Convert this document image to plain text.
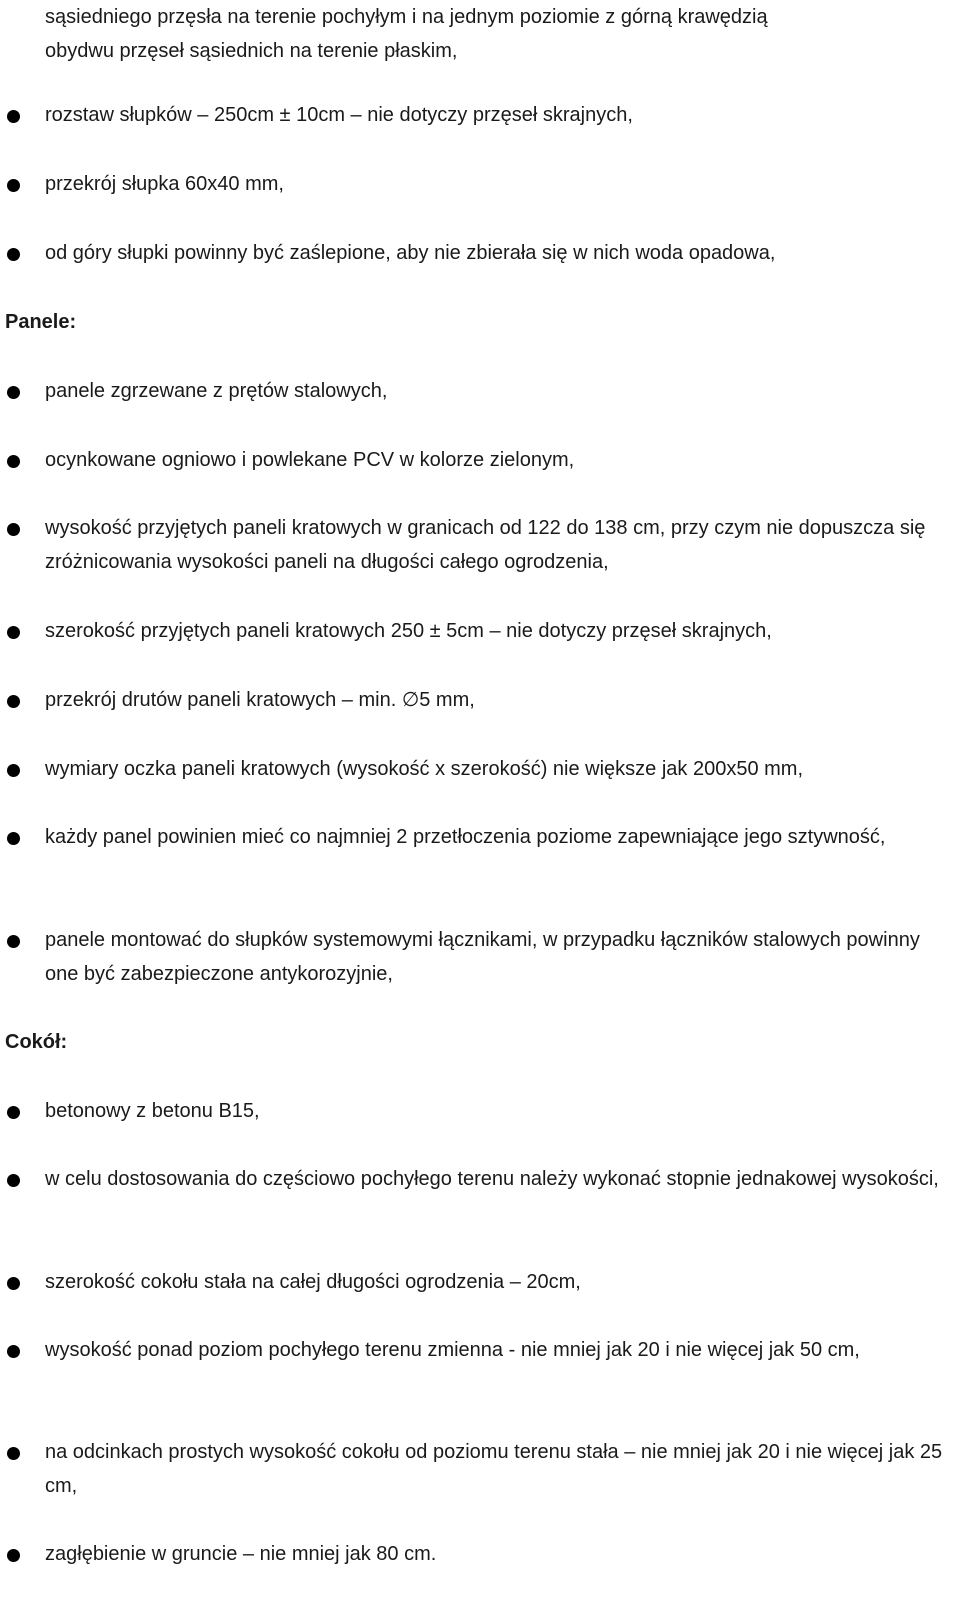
sąsiedniego przęsła na terenie pochyłym i na jednym poziomie z górną krawędzią
obydwu przęseł sąsiednich na terenie płaskim,
rozstaw słupków – 250cm ± 10cm – nie dotyczy przęseł skrajnych,
przekrój słupka 60x40 mm,
od góry słupki powinny być zaślepione, aby nie zbierała się w nich woda opadowa,
Panele:
panele zgrzewane z prętów stalowych,
ocynkowane ogniowo i powlekane PCV w kolorze zielonym,
wysokość przyjętych paneli kratowych w granicach od 122 do 138 cm, przy czym nie dopuszcza się zróżnicowania wysokości paneli na długości całego ogrodzenia,
szerokość przyjętych paneli kratowych 250 ± 5cm – nie dotyczy przęseł skrajnych,
przekrój drutów paneli kratowych – min. ∅5 mm,
wymiary oczka paneli kratowych (wysokość x szerokość) nie większe jak 200x50 mm,
każdy panel powinien mieć co najmniej 2 przetłoczenia poziome zapewniające jego sztywność,
panele montować do słupków systemowymi łącznikami, w przypadku łączników stalowych powinny one być zabezpieczone antykorozyjnie,
Cokół:
betonowy z betonu B15,
w celu dostosowania do częściowo pochyłego terenu należy wykonać stopnie jednakowej wysokości,
szerokość cokołu stała na całej długości ogrodzenia – 20cm,
wysokość ponad poziom pochyłego terenu zmienna - nie mniej jak 20 i nie więcej jak 50 cm,
na odcinkach prostych wysokość cokołu od poziomu terenu stała – nie mniej jak 20 i nie więcej jak 25 cm,
zagłębienie w gruncie – nie mniej jak 80 cm.
